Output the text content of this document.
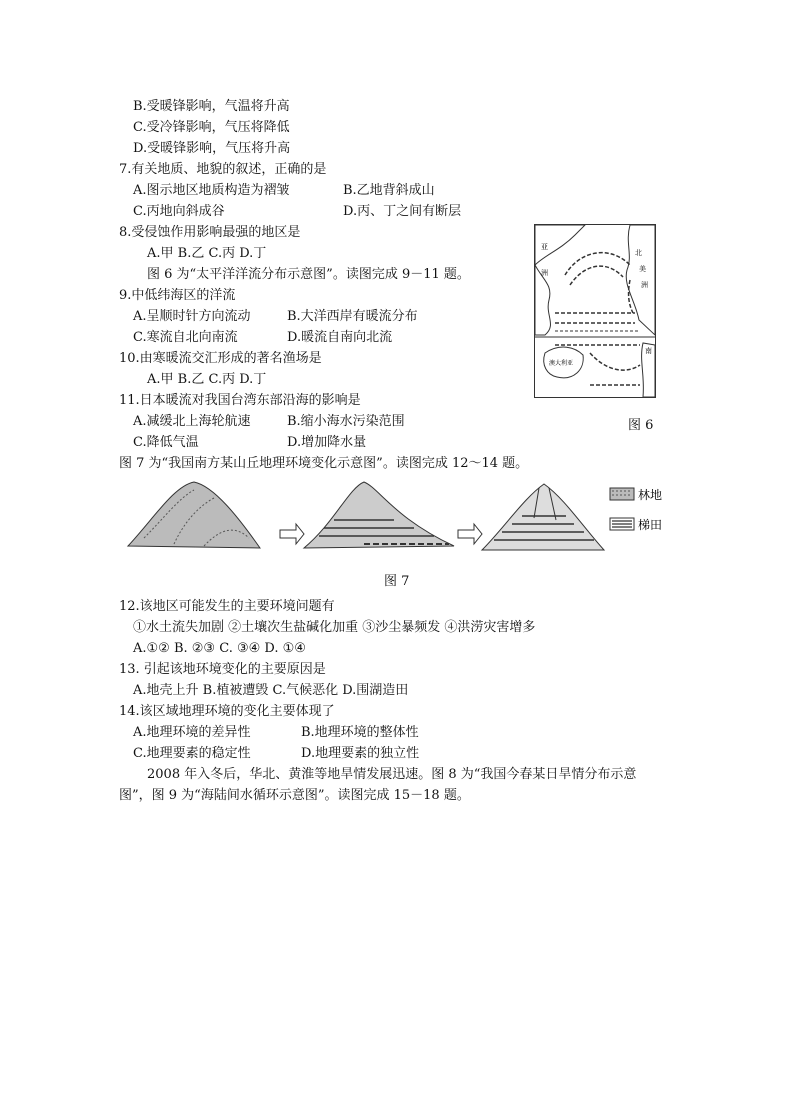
B.受暖锋影响，气温将升高
C.受冷锋影响，气压将降低
D.受暖锋影响，气压将升高
7.有关地质、地貌的叙述，正确的是
A.图示地区地质构造为褶皱	B.乙地背斜成山
C.丙地向斜成谷	D.丙、丁之间有断层
8.受侵蚀作用影响最强的地区是
A.甲 B.乙 C.丙 D.丁
图 6 为“太平洋洋流分布示意图”。读图完成 9－11 题。
9.中低纬海区的洋流
A.呈顺时针方向流动	B.大洋西岸有暖流分布
C.寒流自北向南流	D.暖流自南向北流
10.由寒暖流交汇形成的著名渔场是
A.甲 B.乙 C.丙 D.丁
11.日本暖流对我国台湾东部沿海的影响是
A.减缓北上海轮航速	B.缩小海水污染范围
C.降低气温	D.增加降水量
图 7 为“我国南方某山丘地理环境变化示意图”。读图完成 12～14 题。
亚
洲
北
美
洲
澳大利亚
南
图 6
林地
梯田
图 7
12.该地区可能发生的主要环境问题有
①水土流失加剧 ②土壤次生盐碱化加重 ③沙尘暴频发 ④洪涝灾害增多
A.①② B. ②③ C. ③④ D. ①④
13. 引起该地环境变化的主要原因是
A.地壳上升 B.植被遭毁 C.气候恶化 D.围湖造田
14.该区域地理环境的变化主要体现了
A.地理环境的差异性	B.地理环境的整体性
C.地理要素的稳定性	D.地理要素的独立性
2008 年入冬后，华北、黄淮等地旱情发展迅速。图 8 为“我国今春某日旱情分布示意
图”，图 9 为“海陆间水循环示意图”。读图完成 15－18 题。
